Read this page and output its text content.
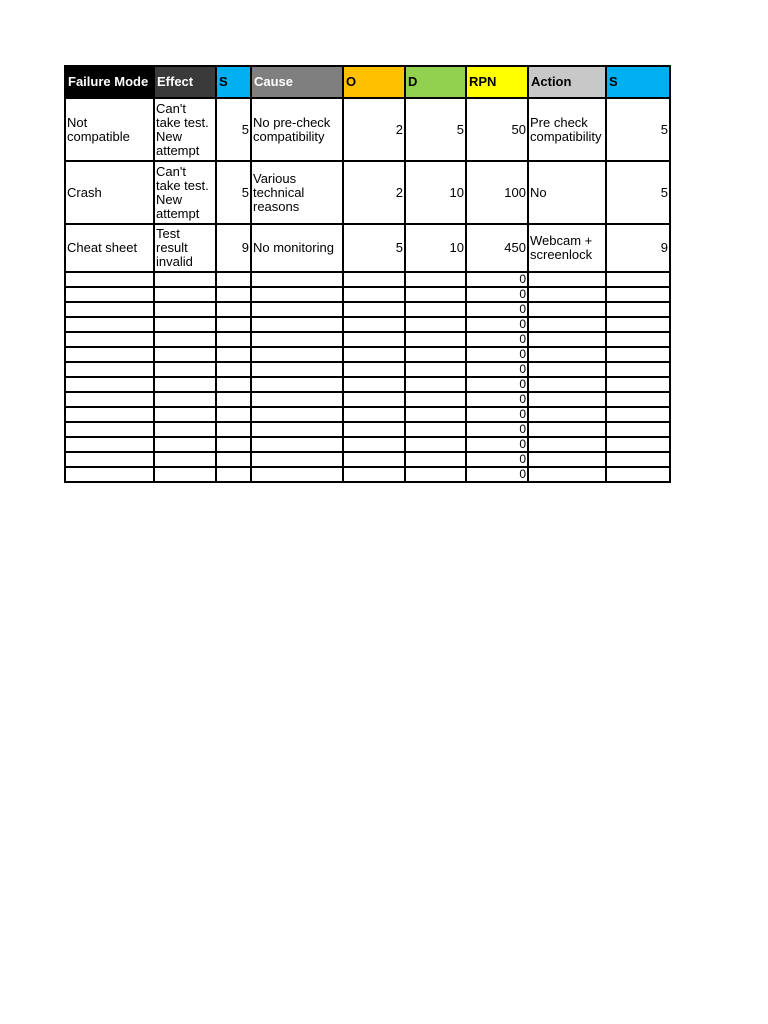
Failure Mode	Effect	S	Cause	O	D	RPN	Action	S
Not compatible	Can't take test. New attempt	5	No pre-check compatibility	2	5	50	Pre check compatibility	5
Crash	Can't take test. New attempt	5	Various technical reasons	2	10	100	No	5
Cheat sheet	Test result invalid	9	No monitoring	5	10	450	Webcam + screenlock	9
						0		
						0		
						0		
						0		
						0		
						0		
						0		
						0		
						0		
						0		
						0		
						0		
						0		
						0		
